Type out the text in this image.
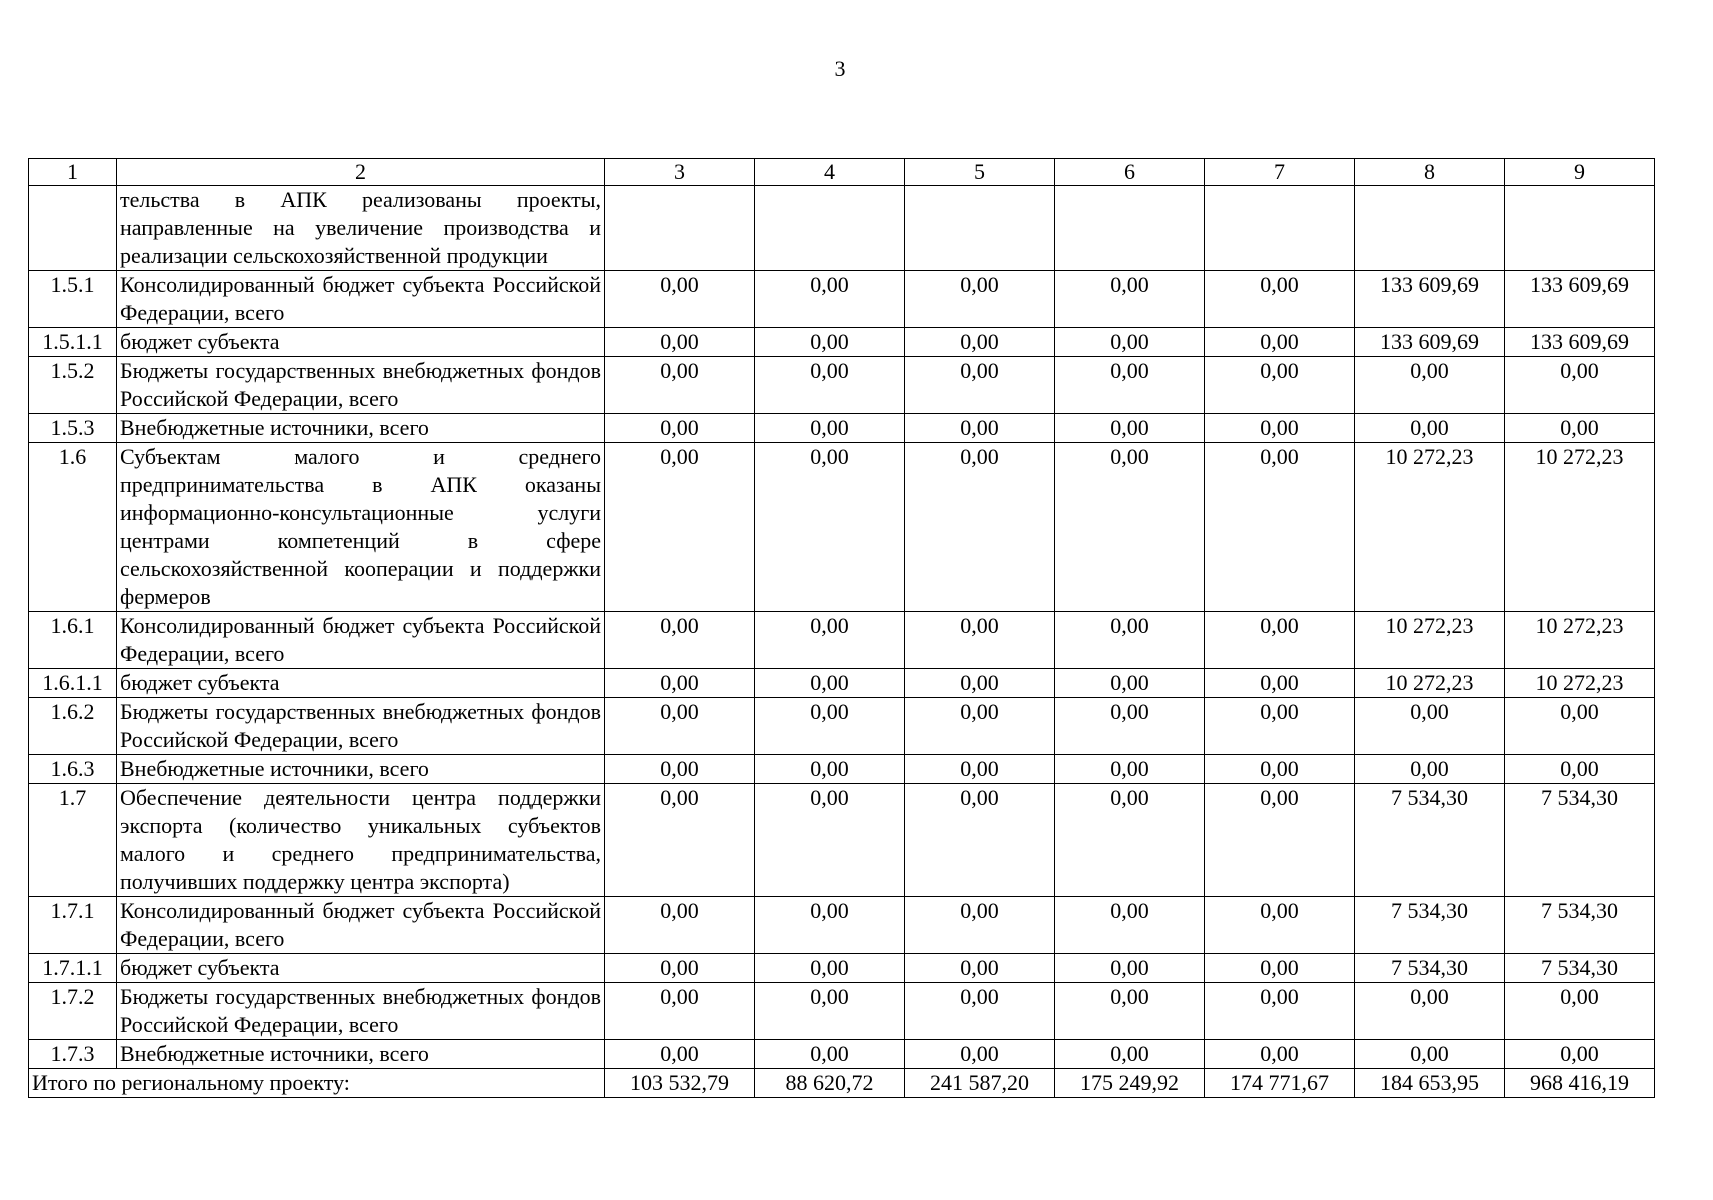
3
1	2	3	4	5	6	7	8	9
	тельства в АПК реализованы проекты, направленные на увеличение производства и реализации сельскохозяйственной продукции							
1.5.1	Консолидированный бюджет субъекта Российской Федерации, всего	0,00	0,00	0,00	0,00	0,00	133 609,69	133 609,69
1.5.1.1	бюджет субъекта	0,00	0,00	0,00	0,00	0,00	133 609,69	133 609,69
1.5.2	Бюджеты государственных внебюджетных фондов Российской Федерации, всего	0,00	0,00	0,00	0,00	0,00	0,00	0,00
1.5.3	Внебюджетные источники, всего	0,00	0,00	0,00	0,00	0,00	0,00	0,00
1.6	Субъектам малого и среднего предпринимательства в АПК оказаны информационно-консультационные услуги центрами компетенций в сфере сельскохозяйственной кооперации и поддержки фермеров	0,00	0,00	0,00	0,00	0,00	10 272,23	10 272,23
1.6.1	Консолидированный бюджет субъекта Российской Федерации, всего	0,00	0,00	0,00	0,00	0,00	10 272,23	10 272,23
1.6.1.1	бюджет субъекта	0,00	0,00	0,00	0,00	0,00	10 272,23	10 272,23
1.6.2	Бюджеты государственных внебюджетных фондов Российской Федерации, всего	0,00	0,00	0,00	0,00	0,00	0,00	0,00
1.6.3	Внебюджетные источники, всего	0,00	0,00	0,00	0,00	0,00	0,00	0,00
1.7	Обеспечение деятельности центра поддержки экспорта (количество уникальных субъектов малого и среднего предпринимательства, получивших поддержку центра экспорта)	0,00	0,00	0,00	0,00	0,00	7 534,30	7 534,30
1.7.1	Консолидированный бюджет субъекта Российской Федерации, всего	0,00	0,00	0,00	0,00	0,00	7 534,30	7 534,30
1.7.1.1	бюджет субъекта	0,00	0,00	0,00	0,00	0,00	7 534,30	7 534,30
1.7.2	Бюджеты государственных внебюджетных фондов Российской Федерации, всего	0,00	0,00	0,00	0,00	0,00	0,00	0,00
1.7.3	Внебюджетные источники, всего	0,00	0,00	0,00	0,00	0,00	0,00	0,00
Итого по региональному проекту:		103 532,79	88 620,72	241 587,20	175 249,92	174 771,67	184 653,95	968 416,19
